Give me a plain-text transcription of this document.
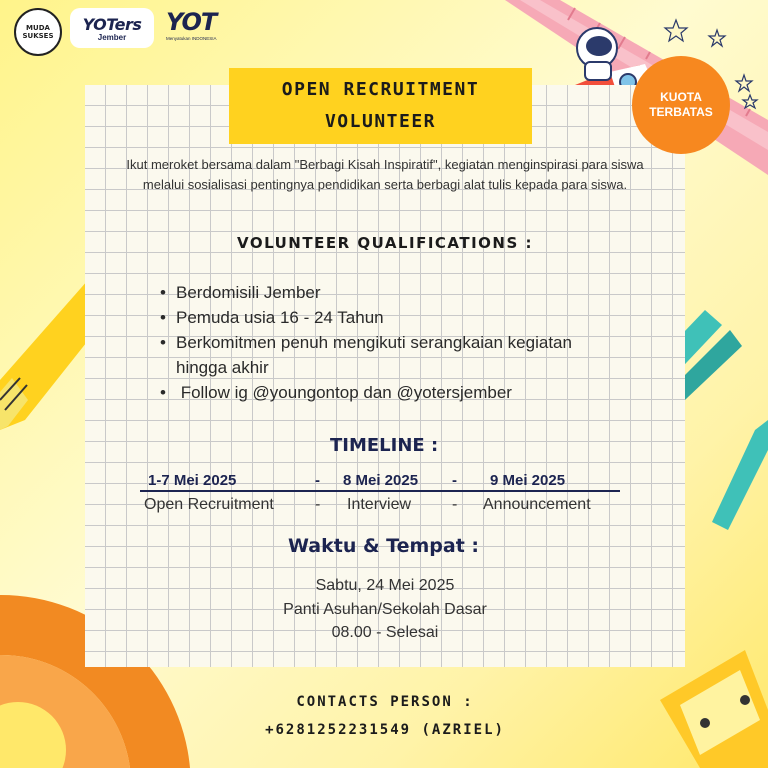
MUDA SUKSES
YOTers
Jember
YOT
Menyatukan INDONESIA
KUOTA
TERBATAS
OPEN RECRUITMENT
VOLUNTEER
Ikut meroket bersama dalam "Berbagi Kisah Inspiratif", kegiatan menginspirasi para siswa melalui sosialisasi pentingnya pendidikan serta berbagi alat tulis kepada para siswa.
VOLUNTEER QUALIFICATIONS :
• Berdomisili Jember
• Pemuda usia 16 - 24 Tahun
• Berkomitmen penuh mengikuti serangkaian kegiatan hingga akhir
•  Follow ig @youngontop dan @yotersjember
TIMELINE :
1-7 Mei 2025	- 8 Mei 2025 - 9 Mei 2025
Open Recruitment	- Interview	- Announcement
Waktu & Tempat :
Sabtu, 24 Mei 2025
Panti Asuhan/Sekolah Dasar
08.00 - Selesai
CONTACTS PERSON :
+6281252231549 (AZRIEL)
